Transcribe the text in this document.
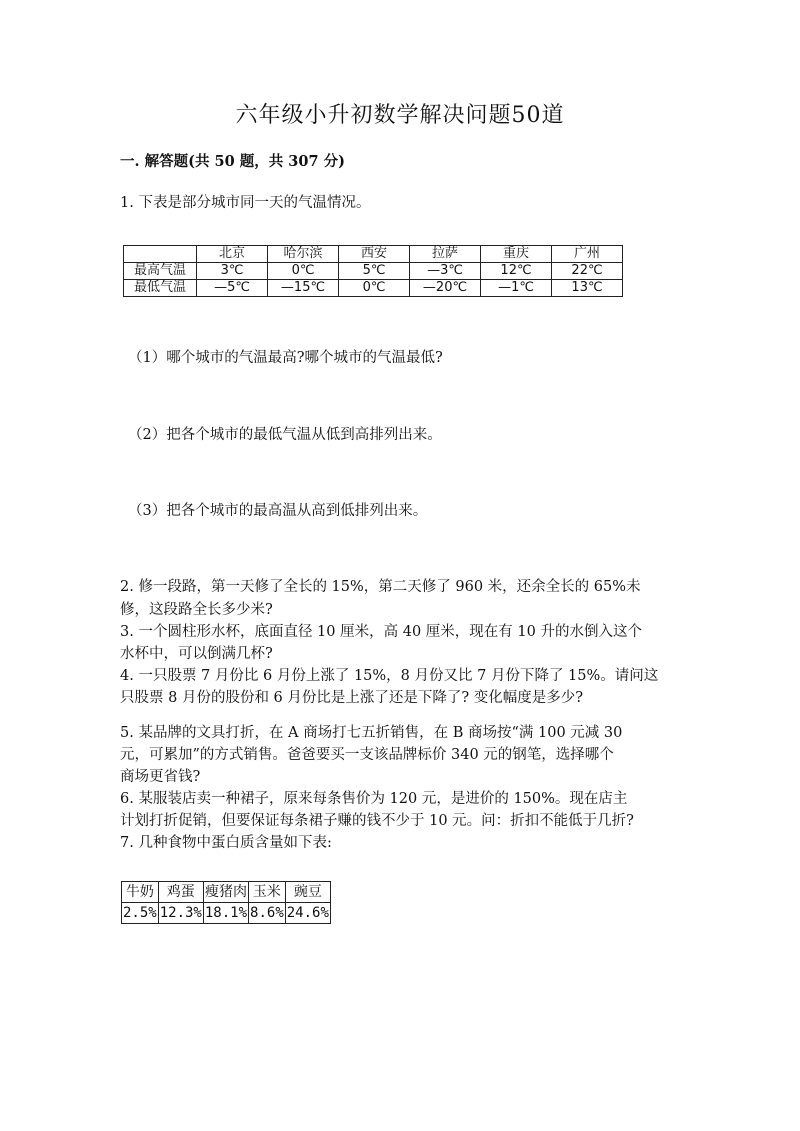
六年级小升初数学解决问题50道
一. 解答题(共 50 题，共 307 分)
1. 下表是部分城市同一天的气温情况。
	北京	哈尔滨	西安	拉萨	重庆	广州
最高气温	3℃	0℃	5℃	—3℃	12℃	22℃
最低气温	—5℃	—15℃	0℃	—20℃	—1℃	13℃
（1）哪个城市的气温最高?哪个城市的气温最低?
（2）把各个城市的最低气温从低到高排列出来。
（3）把各个城市的最高温从高到低排列出来。
2. 修一段路，第一天修了全长的 15%，第二天修了 960 米，还余全长的 65%未
修，这段路全长多少米?
3. 一个圆柱形水杯，底面直径 10 厘米，高 40 厘米，现在有 10 升的水倒入这个
水杯中，可以倒满几杯?
4. 一只股票 7 月份比 6 月份上涨了 15%，8 月份又比 7 月份下降了 15%。请问这
只股票 8 月份的股份和 6 月份比是上涨了还是下降了? 变化幅度是多少?
5. 某品牌的文具打折，在 A 商场打七五折销售，在 B 商场按“满 100 元减 30
元，可累加”的方式销售。爸爸要买一支该品牌标价 340 元的钢笔，选择哪个
商场更省钱?
6. 某服装店卖一种裙子，原来每条售价为 120 元，是进价的 150%。现在店主
计划打折促销，但要保证每条裙子赚的钱不少于 10 元。问：折扣不能低于几折?
7. 几种食物中蛋白质含量如下表:
牛奶	鸡蛋	瘦猪肉	玉米	豌豆
2.5%	12.3%	18.1%	8.6%	24.6%
